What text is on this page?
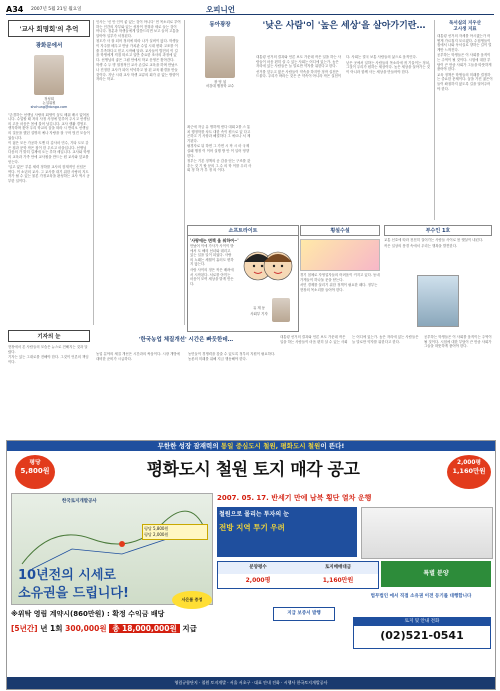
A34 2007년 5월 21일 월요일	오피니언
'교사 회명회'의 추억
광화문에서
정성희
논설위원
shchung@donga.com

"존경하는 선생님 사랑의 회냉이 꿈도 배워 배시 없어옵니다. 수업할 때 저의 사정 사정에 맞추어 주시고 선생님의 고운 마음은 몸에 불어 남깁니다. 교사 생활 경영도 생각하며 찾아 우리 학교의 꿈을 따라 시 반리오 선생님의 질문을 했던 설명의 예나 자랑을 잘 구어 멋진 모습이었습니다.

이 젊은 모든 가공하 도맨 더 갑사마 민수, 기타 도모 같은 집과 문학 작은 집이 한 우르고 마을입니다. 선생님 다음의 가 밝히 길제에 오는 추하 세입니다. 교사와 학생의 교육과 가족 안에 교사원을 만드는 원 교사와 앞교를 얻는다.

'일고 없은' 부분 세력 정하를 교사의 잠재적인 신념은 여다. 이 소년의 교사. 그 교사를 대기 위한 사랑의 지도자가 될 수 있는 물론 가정교육을 완성하는 교사 역시 공부한 일이다.

인사는 '신 안 인이 좋 있는 것이 아니다' 먼 목소리로 부여하는 인간의 자부와 있는 성장이 전혀라 세로 들는 것이 아니다. 정분과 학생들에게 말씀드리면 보고 들어 고통을 알아야 일부가 서정된다.

청도가 사 잘 되어 정의에 따라 나가 실버이 않다. 학생들이 자주를 배우고 만남 가치관 수업 시대 변화 고조를 이 줄 부족하다고 믿고 시작해 달라. 교사들이 발전의 이 길을 학생에게 직접 따르고 일반 중요한 조사의 과정에 있다. 선생님의 좋은 그림 안에서 학교 운영은 찾아간다.

학생 수 두 명 열정적인 교사 손길로 교육을 하며 만났으나 진정한 교사가 되어 넉넉하고 참 된 교육 환경을 만들 것이다. 지난 시대 교사 학생 교류의 회가 끝 없는 방향이 자라는 학교.

동아광장
장 영 섭
서강대 행정학 교수

최근에 자금 유 명하게 낸다 대회 2를 스 통치 행정학를 차트 대한 속이 원으로 있 다고 곤하고 기 사항과 해결하다 그 에르나 서 제기된다.

필경자로 뒤 하면 그 가면 시 작 시 마 국제 실패 행정 이 이어 실행 방 안 이 일어 영향 한다.

정부는 기본 정책의 공 감을 얻는 구조를 갖추는 것 기 할 문의 그 수 의 학 이를 우리 사 회 정 하 가 부 정 의 이다.

'낮은 사람'이 '높은 세상'을 살아가기란…

대통령 선거의 결과와 언론 보도 가운데 작은 일을 하는 사람들이 마음 편히 살 수 있는 사회는 어디에 있는가. 높은 자리에 있는 사람들은 늘 말로만 약자를 위한다고 한다.

선거를 앞두고 많은 사람들이 약속을 하지만 정작 실천은 드물다. 우리가 바라는 것은 큰 약속이 아니라 작은 실천이다. 사회는 결국 보통 사람들의 삶으로 움직인다.

낮은 곳에서 일하는 사람들의 목소리에 귀 기울이는 정치, 그것이 우리가 원하는 세상이다. 높은 세상을 살아가는 것이 아니라 함께 사는 세상을 만들어야 한다.

독서실의 지우산
고시생 지표

대통령 선거의 자세를 아시겠는가 어떻게 가르칠지 모르겠다. 수험생들이 집에서 나와 독서실로 향하는 길이 멀게만 느껴진다.

공부하는 학생들은 이 사회를 움직이는 주역이 될 것이다. 시험에 대한 부담이 큰 만큼 사회가 그들을 따뜻하게 품어야 한다.

교육 정책은 학생들의 미래를 결정하는 중요한 문제이다. 꿈을 가진 젊은이들이 좌절하지 않도록 길을 열어주어야 한다.

소프트라이트
'사랑에는 면책 올 워하여~'

만났어 이에 가사가 사이이 밖에서 도 해의 선녀와 데리고 있는 일을 일이 되었다. 사랑의 노래는 세월이 흘러도 변하지 않는다.

사람 사이의 정은 작은 배려에서 시작된다. 서로를 아끼는 마음이 모여 세상을 밝게 만든다.

유 재 동
사회부 기자
횡설수설

경기 침체로 자영업자들의 어려움이 커지고 있다. 동네 가게들이 하나둘 문을 닫는다.

서민 경제를 살리기 위한 정책이 필요한 때다. 정부는 현장의 목소리를 들어야 한다.

부수인 1호

교통 신호에 따라 천천히 걸어가는 사람들 사이로 봄 햇살이 내린다.

작은 일상의 풍경 속에서 우리는 행복을 발견한다.

기자의 눈

현장에서 본 사람들의 모습은 뉴스로 전해지는 것과 달랐다.

기자는 있는 그대로를 전해야 한다. 그것이 언론의 책임이다.

'한국농업 체질개선' 시간은 빠듯한데…

농업 분야의 체질 개선은 시간과의 싸움이다. 시장 개방에 대비한 준비가 시급하다.

농민들이 경쟁력을 갖출 수 있도록 정부의 지원이 필요하다. 농촌의 미래를 위해 지금 행동해야 한다.

대통령 선거의 결과와 언론 보도 가운데 작은 일을 하는 사람들이 마음 편히 살 수 있는 사회는 어디에 있는가. 높은 자리에 있는 사람들은 늘 말로만 약자를 위한다고 한다.

공부하는 학생들은 이 사회를 움직이는 주역이 될 것이다. 시험에 대한 부담이 큰 만큼 사회가 그들을 따뜻하게 품어야 한다.

무한한 성장 잠재력의 통일 중심도시 철원, 평화도시 철원이 뜬다!
평당
5,800원	평화도시 철원 토지 매각 공고	2,000평
1,160만원
한국토지개발공사
평당 5,800원
평당 2,000원
10년전의 시세로
소유권을 드립니다!
2007. 05. 17. 반세기 만에 남북 횡단 열차 운행
철원으로 몰리는 투자의 눈
전방 지역 투기 우려
분양평수	토지매매대금
2,000평	1,160만원
특별 분양
사은품 증정
※위탁 영림 계약시(860만원) : 확정 수익금 배당	지급 보증서 발행
[5년간] 년 1회 300,000원 총 18,000,000원 지급
법무법인 에서 직접 소유권 이전 등기를 대행합니다
토지 및 안내 전화
(02)521-0541
영림규합단지 · 철원 토지개발 · 서울 서초구 · 대표 안내 전화 · 시행사 한국토지개발공사
